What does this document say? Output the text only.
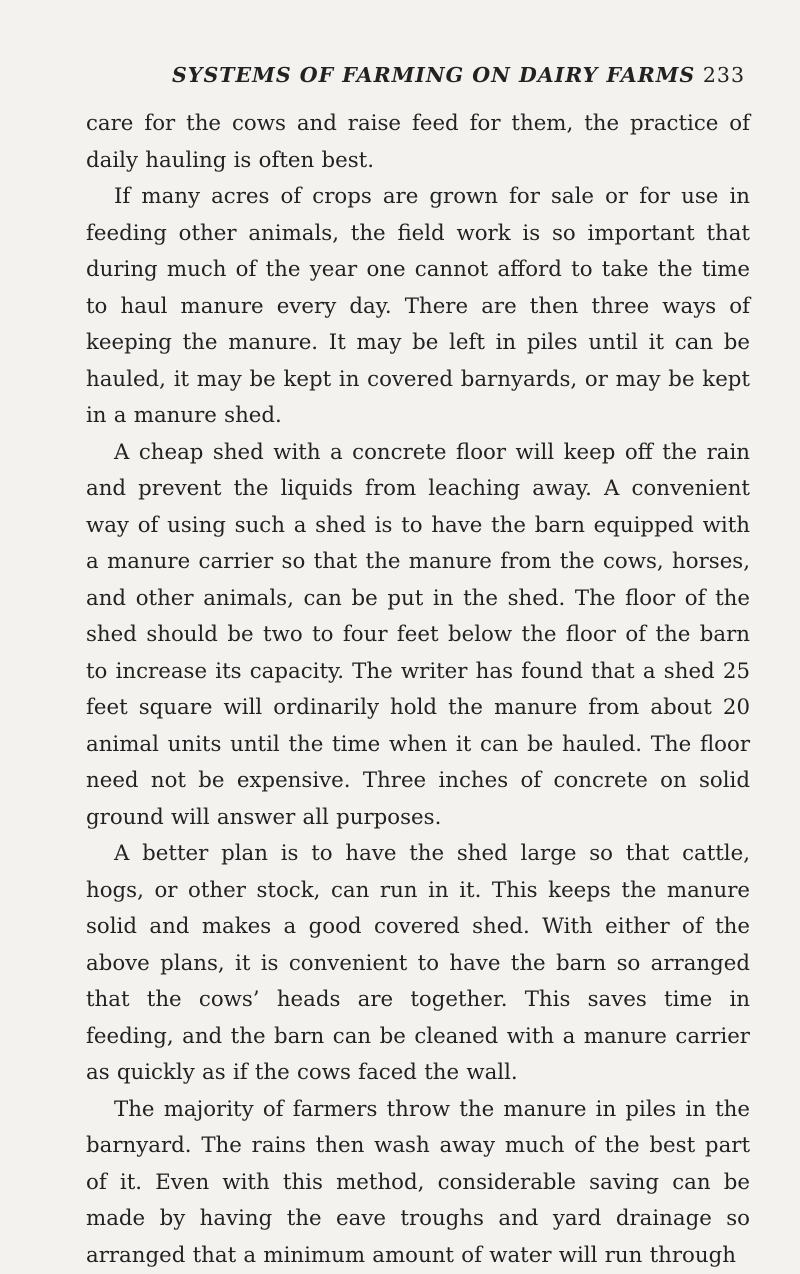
SYSTEMS OF FARMING ON DAIRY FARMS 233

care for the cows and raise feed for them, the practice of daily hauling is often best.

If many acres of crops are grown for sale or for use in feeding other animals, the field work is so important that during much of the year one cannot afford to take the time to haul manure every day. There are then three ways of keeping the manure. It may be left in piles until it can be hauled, it may be kept in covered barnyards, or may be kept in a manure shed.

A cheap shed with a concrete floor will keep off the rain and prevent the liquids from leaching away. A convenient way of using such a shed is to have the barn equipped with a manure carrier so that the manure from the cows, horses, and other animals, can be put in the shed. The floor of the shed should be two to four feet below the floor of the barn to increase its capacity. The writer has found that a shed 25 feet square will ordinarily hold the manure from about 20 animal units until the time when it can be hauled. The floor need not be expensive. Three inches of concrete on solid ground will answer all purposes.

A better plan is to have the shed large so that cattle, hogs, or other stock, can run in it. This keeps the manure solid and makes a good covered shed. With either of the above plans, it is convenient to have the barn so arranged that the cows’ heads are together. This saves time in feeding, and the barn can be cleaned with a manure carrier as quickly as if the cows faced the wall.

The majority of farmers throw the manure in piles in the barnyard. The rains then wash away much of the best part of it. Even with this method, considerable saving can be made by having the eave troughs and yard drainage so arranged that a minimum amount of water will run through
